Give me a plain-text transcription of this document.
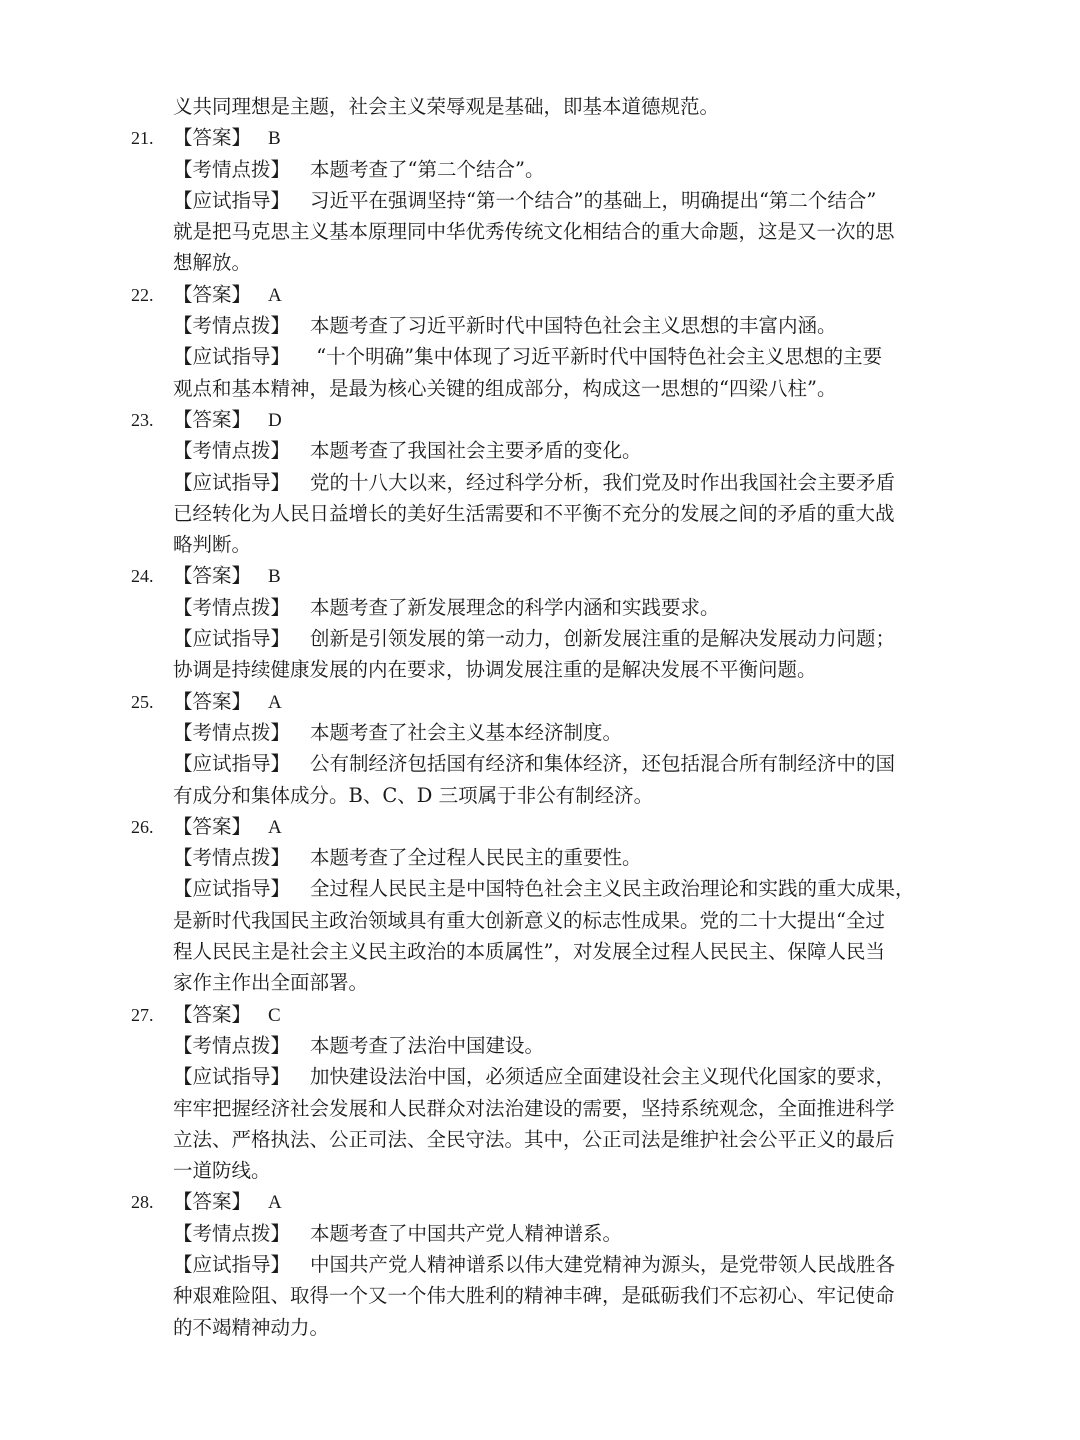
义共同理想是主题，社会主义荣辱观是基础，即基本道德规范。
21. 【答案】 B
【考情点拨】 本题考查了“第二个结合”。
【应试指导】 习近平在强调坚持“第一个结合”的基础上，明确提出“第二个结合”
就是把马克思主义基本原理同中华优秀传统文化相结合的重大命题，这是又一次的思
想解放。
22. 【答案】 A
【考情点拨】 本题考查了习近平新时代中国特色社会主义思想的丰富内涵。
【应试指导】 “十个明确”集中体现了习近平新时代中国特色社会主义思想的主要
观点和基本精神，是最为核心关键的组成部分，构成这一思想的“四梁八柱”。
23. 【答案】 D
【考情点拨】 本题考查了我国社会主要矛盾的变化。
【应试指导】 党的十八大以来，经过科学分析，我们党及时作出我国社会主要矛盾
已经转化为人民日益增长的美好生活需要和不平衡不充分的发展之间的矛盾的重大战
略判断。
24. 【答案】 B
【考情点拨】 本题考查了新发展理念的科学内涵和实践要求。
【应试指导】 创新是引领发展的第一动力，创新发展注重的是解决发展动力问题；
协调是持续健康发展的内在要求，协调发展注重的是解决发展不平衡问题。
25. 【答案】 A
【考情点拨】 本题考查了社会主义基本经济制度。
【应试指导】 公有制经济包括国有经济和集体经济，还包括混合所有制经济中的国
有成分和集体成分。B、C、D 三项属于非公有制经济。
26. 【答案】 A
【考情点拨】 本题考查了全过程人民民主的重要性。
【应试指导】 全过程人民民主是中国特色社会主义民主政治理论和实践的重大成果，
是新时代我国民主政治领域具有重大创新意义的标志性成果。党的二十大提出“全过
程人民民主是社会主义民主政治的本质属性”，对发展全过程人民民主、保障人民当
家作主作出全面部署。
27. 【答案】 C
【考情点拨】 本题考查了法治中国建设。
【应试指导】 加快建设法治中国，必须适应全面建设社会主义现代化国家的要求，
牢牢把握经济社会发展和人民群众对法治建设的需要，坚持系统观念，全面推进科学
立法、严格执法、公正司法、全民守法。其中，公正司法是维护社会公平正义的最后
一道防线。
28. 【答案】 A
【考情点拨】 本题考查了中国共产党人精神谱系。
【应试指导】 中国共产党人精神谱系以伟大建党精神为源头，是党带领人民战胜各
种艰难险阻、取得一个又一个伟大胜利的精神丰碑，是砥砺我们不忘初心、牢记使命
的不竭精神动力。
